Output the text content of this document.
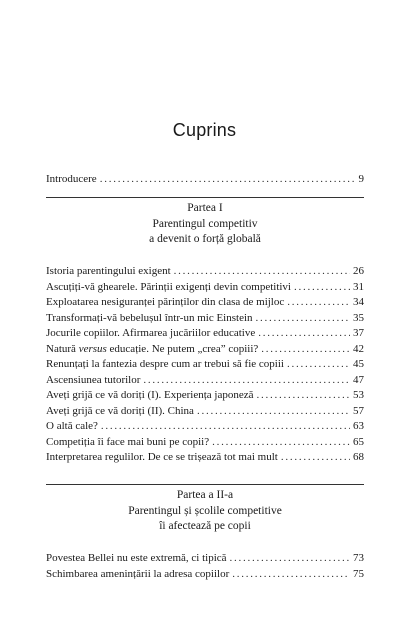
Cuprins
Introducere . . .	9
Partea I
Parentingul competitiv
a devenit o forță globală
Istoria parentingului exigent . . .	26
Ascuțiți-vă ghearele. Părinții exigenți devin competitivi . . .	31
Exploatarea nesiguranței părinților din clasa de mijloc . . .	34
Transformați-vă bebelușul într-un mic Einstein . . .	35
Jocurile copiilor. Afirmarea jucăriilor educative . . .	37
Natură versus educație. Ne putem „crea” copiii? . . .	42
Renunțați la fantezia despre cum ar trebui să fie copiii . . .	45
Ascensiunea tutorilor . . .	47
Aveți grijă ce vă doriți (I). Experiența japoneză . . .	53
Aveți grijă ce vă doriți (II). China . . .	57
O altă cale? . . .	63
Competiția îi face mai buni pe copii? . . .	65
Interpretarea regulilor. De ce se trișează tot mai mult . . .	68
Partea a II-a
Parentingul și școlile competitive
îi afectează pe copii
Povestea Bellei nu este extremă, ci tipică . . .	73
Schimbarea amenințării la adresa copiilor . . .	75
